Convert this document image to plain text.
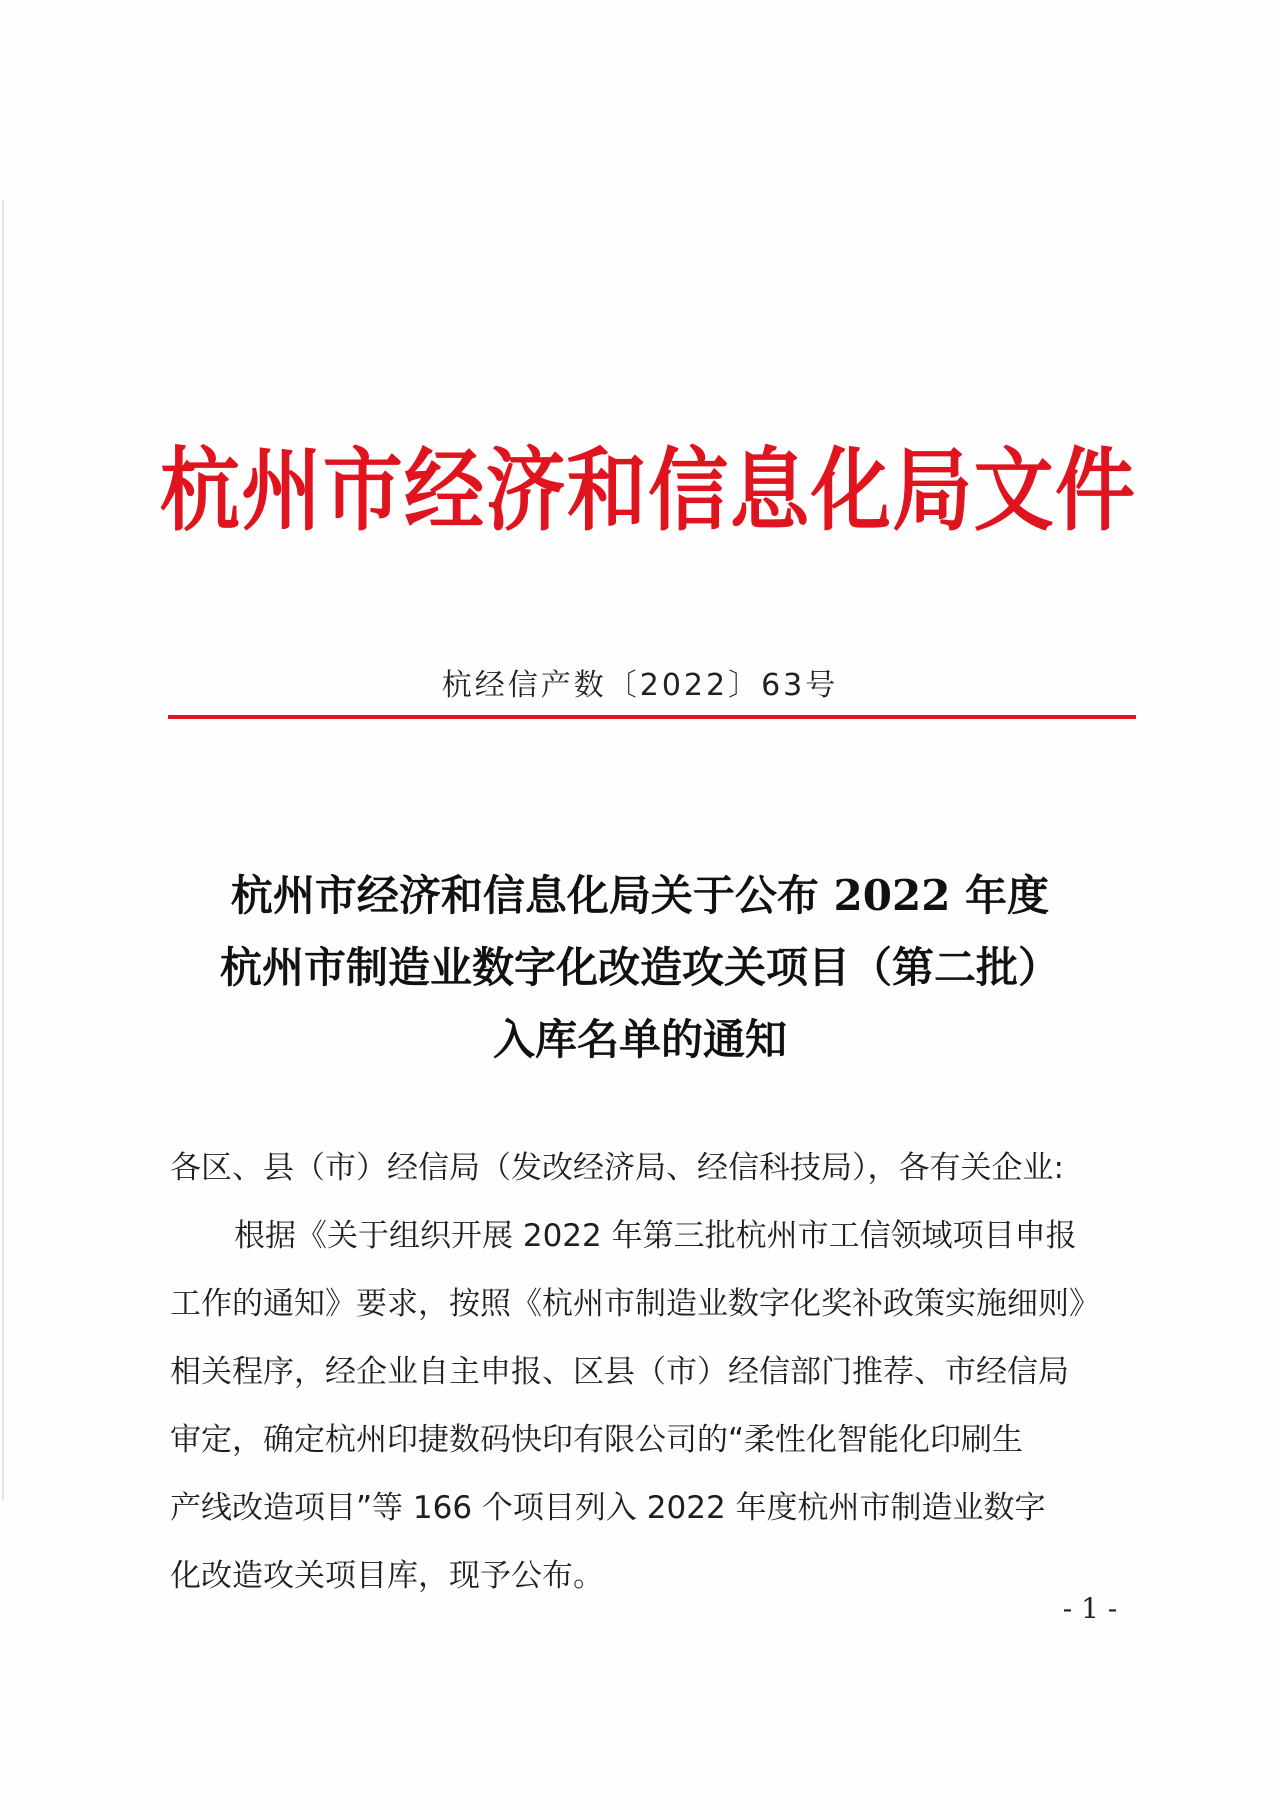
杭 州 市 经 济 和 信 息 化 局 文 件
杭经信产数〔2022〕63号
杭州市经济和信息化局关于公布 2022 年度
杭州市制造业数字化改造攻关项目（第二批）
入库名单的通知
各区、县（市）经信局（发改经济局、经信科技局），各有关企业:
根据《关于组织开展 2022 年第三批杭州市工信领域项目申报
工作的通知》要求，按照《杭州市制造业数字化奖补政策实施细则》
相关程序，经企业自主申报、区县（市）经信部门推荐、市经信局
审定，确定杭州印捷数码快印有限公司的“柔性化智能化印刷生
产线改造项目”等 166 个项目列入 2022 年度杭州市制造业数字
化改造攻关项目库，现予公布。
- 1 -
